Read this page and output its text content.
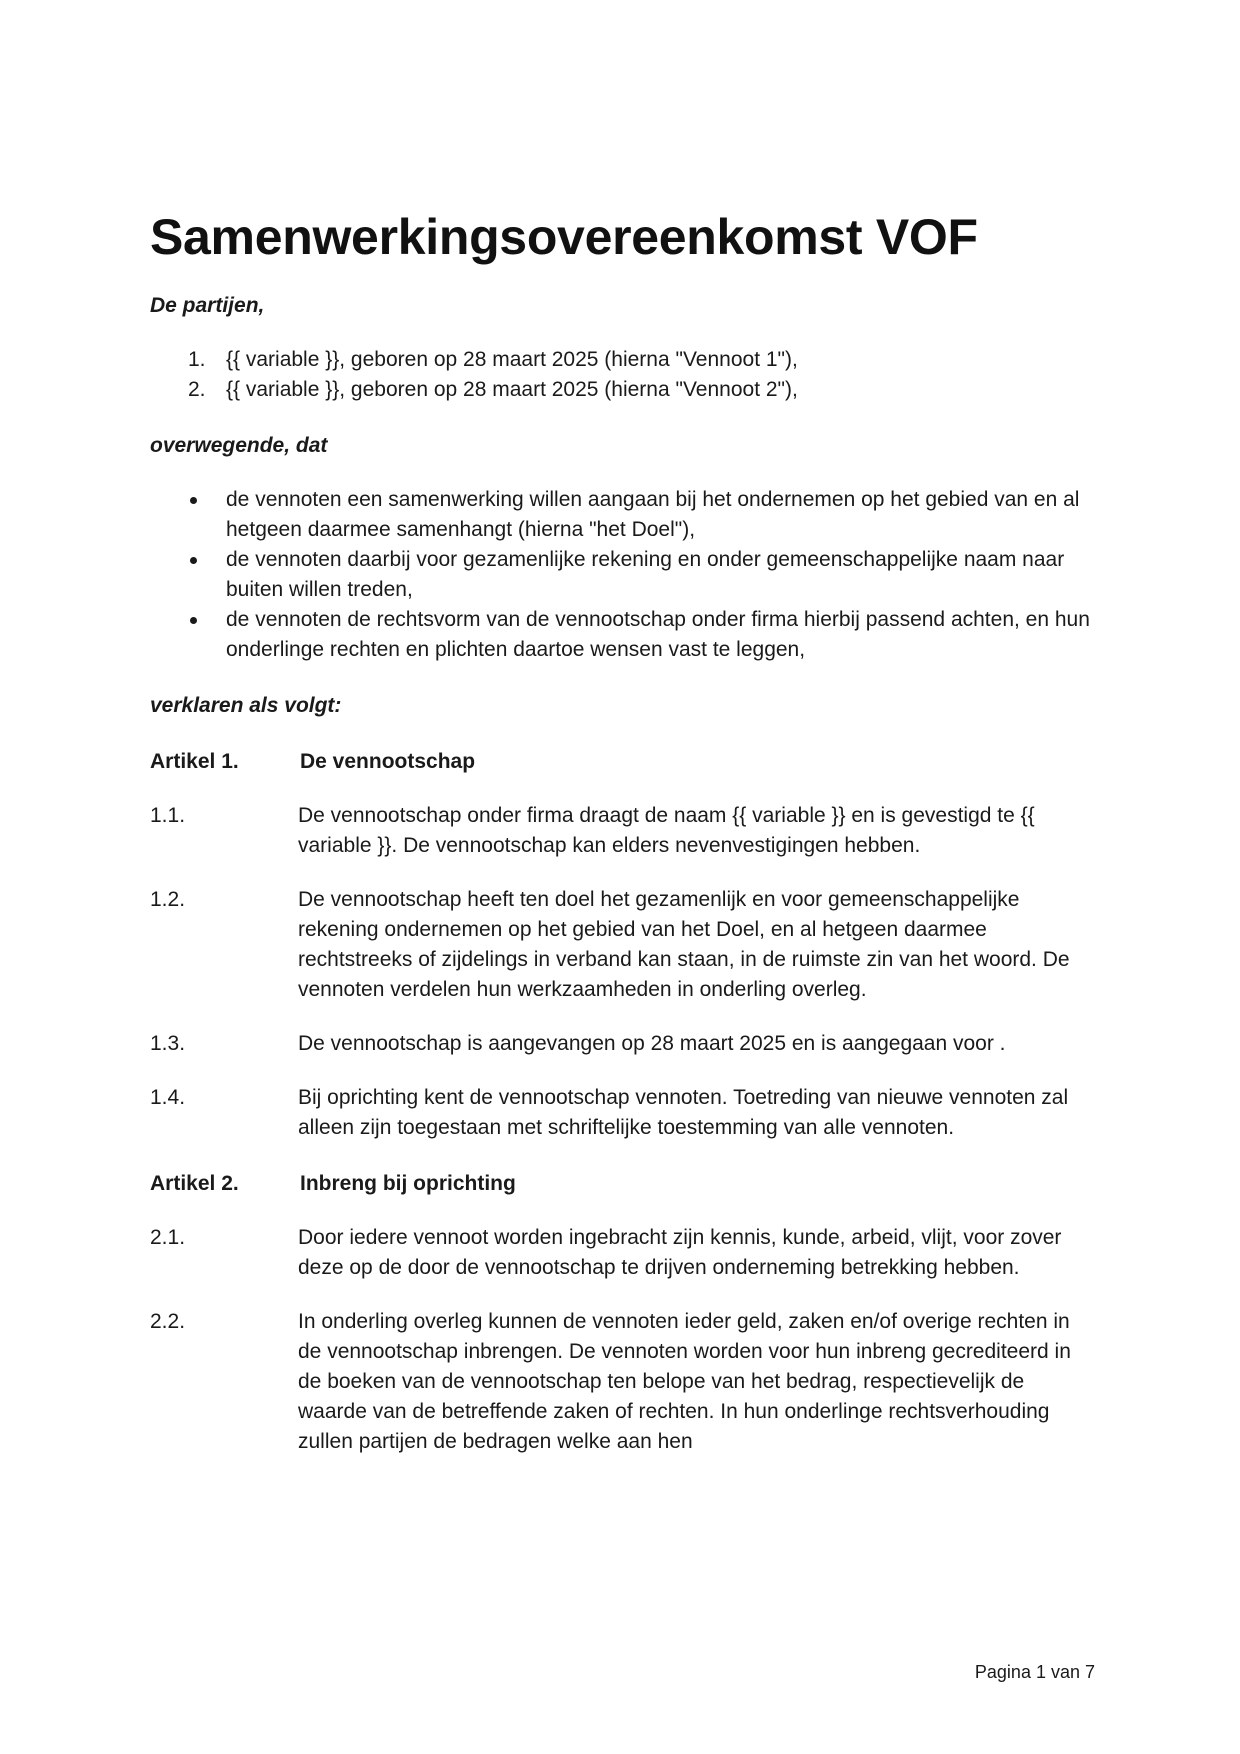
Samenwerkingsovereenkomst VOF

De partijen,

1. {{ variable }}, geboren op 28 maart 2025 (hierna "Vennoot 1"),
2. {{ variable }}, geboren op 28 maart 2025 (hierna "Vennoot 2"),

overwegende, dat

de vennoten een samenwerking willen aangaan bij het ondernemen op het gebied van en al hetgeen daarmee samenhangt (hierna "het Doel"),
de vennoten daarbij voor gezamenlijke rekening en onder gemeenschappelijke naam naar buiten willen treden,
de vennoten de rechtsvorm van de vennootschap onder firma hierbij passend achten, en hun onderlinge rechten en plichten daartoe wensen vast te leggen,

verklaren als volgt:

Artikel 1.	De vennootschap
1.1.	De vennootschap onder firma draagt de naam {{ variable }} en is gevestigd te {{ variable }}. De vennootschap kan elders nevenvestigingen hebben.
1.2.	De vennootschap heeft ten doel het gezamenlijk en voor gemeenschappelijke rekening ondernemen op het gebied van het Doel, en al hetgeen daarmee rechtstreeks of zijdelings in verband kan staan, in de ruimste zin van het woord. De vennoten verdelen hun werkzaamheden in onderling overleg.
1.3.	De vennootschap is aangevangen op 28 maart 2025 en is aangegaan voor .
1.4.	Bij oprichting kent de vennootschap vennoten. Toetreding van nieuwe vennoten zal alleen zijn toegestaan met schriftelijke toestemming van alle vennoten.
Artikel 2.	Inbreng bij oprichting
2.1.	Door iedere vennoot worden ingebracht zijn kennis, kunde, arbeid, vlijt, voor zover deze op de door de vennootschap te drijven onderneming betrekking hebben.
2.2.	In onderling overleg kunnen de vennoten ieder geld, zaken en/of overige rechten in de vennootschap inbrengen. De vennoten worden voor hun inbreng gecrediteerd in de boeken van de vennootschap ten belope van het bedrag, respectievelijk de waarde van de betreffende zaken of rechten. In hun onderlinge rechtsverhouding zullen partijen de bedragen welke aan hen
Pagina 1 van 7
